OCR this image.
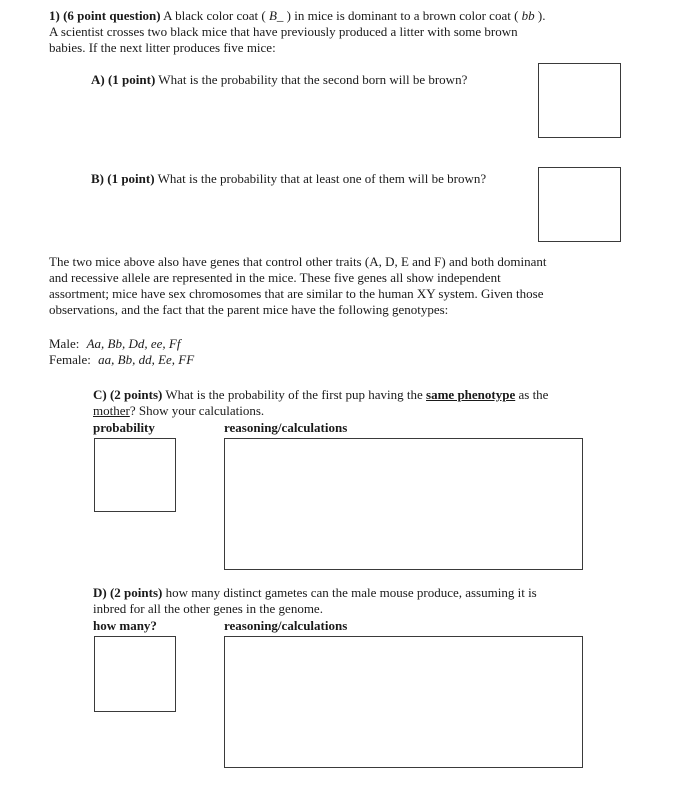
1) (6 point question) A black color coat ( B_ ) in mice is dominant to a brown color coat ( bb ).
A scientist crosses two black mice that have previously produced a litter with some brown
babies. If the next litter produces five mice:
A) (1 point) What is the probability that the second born will be brown?
B) (1 point) What is the probability that at least one of them will be brown?
The two mice above also have genes that control other traits (A, D, E and F) and both dominant
and recessive allele are represented in the mice. These five genes all show independent
assortment; mice have sex chromosomes that are similar to the human XY system. Given those
observations, and the fact that the parent mice have the following genotypes:
Male: Aa, Bb, Dd, ee, Ff
Female: aa, Bb, dd, Ee, FF
C) (2 points) What is the probability of the first pup having the same phenotype as the
mother? Show your calculations.
probability	reasoning/calculations
D) (2 points) how many distinct gametes can the male mouse produce, assuming it is
inbred for all the other genes in the genome.
how many?	reasoning/calculations
